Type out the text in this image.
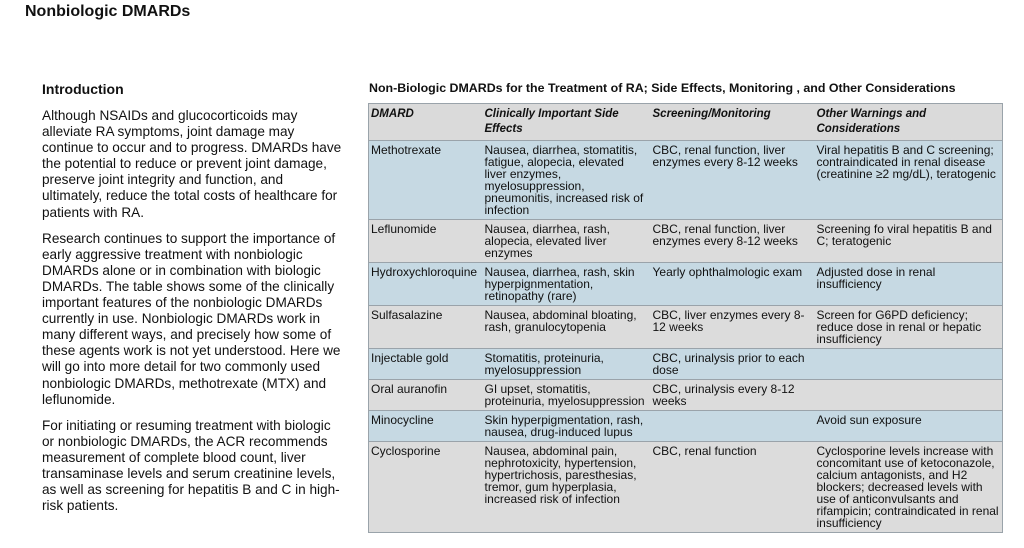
Nonbiologic DMARDs
Introduction

Although NSAIDs and glucocorticoids may alleviate RA symptoms, joint damage may continue to occur and to progress. DMARDs have the potential to reduce or prevent joint damage, preserve joint integrity and function, and ultimately, reduce the total costs of healthcare for patients with RA.

Research continues to support the importance of early aggressive treatment with nonbiologic DMARDs alone or in combination with biologic DMARDs. The table shows some of the clinically important features of the nonbiologic DMARDs currently in use. Nonbiologic DMARDs work in many different ways, and precisely how some of these agents work is not yet understood. Here we will go into more detail for two commonly used nonbiologic DMARDs, methotrexate (MTX) and leflunomide.

For initiating or resuming treatment with biologic or nonbiologic DMARDs, the ACR recommends measurement of complete blood count, liver transaminase levels and serum creatinine levels, as well as screening for hepatitis B and C in high-risk patients.

Non-Biologic DMARDs for the Treatment of RA; Side Effects, Monitoring , and Other Considerations
DMARD	Clinically Important Side Effects	Screening/Monitoring	Other Warnings and Considerations
Methotrexate	Nausea, diarrhea, stomatitis, fatigue, alopecia, elevated liver enzymes, myelosuppression, pneumonitis, increased risk of infection	CBC, renal function, liver enzymes every 8-12 weeks	Viral hepatitis B and C screening; contraindicated in renal disease (creatinine ≥2 mg/dL), teratogenic
Leflunomide	Nausea, diarrhea, rash, alopecia, elevated liver enzymes	CBC, renal function, liver enzymes every 8-12 weeks	Screening fo viral hepatitis B and C; teratogenic
Hydroxychloroquine	Nausea, diarrhea, rash, skin hyperpignmentation, retinopathy (rare)	Yearly ophthalmologic exam	Adjusted dose in renal insufficiency
Sulfasalazine	Nausea, abdominal bloating, rash, granulocytopenia	CBC, liver enzymes every 8-12 weeks	Screen for G6PD deficiency; reduce dose in renal or hepatic insufficiency
Injectable gold	Stomatitis, proteinuria, myelosuppression	CBC, urinalysis prior to each dose	
Oral auranofin	GI upset, stomatitis, proteinuria, myelosuppression	CBC, urinalysis every 8-12 weeks	
Minocycline	Skin hyperpigmentation, rash, nausea, drug-induced lupus		Avoid sun exposure
Cyclosporine	Nausea, abdominal pain, nephrotoxicity, hypertension, hypertrichosis, paresthesias, tremor, gum hyperplasia, increased risk of infection	CBC, renal function	Cyclosporine levels increase with concomitant use of ketoconazole, calcium antagonists, and H2 blockers; decreased levels with use of anticonvulsants and rifampicin; contraindicated in renal insufficiency
